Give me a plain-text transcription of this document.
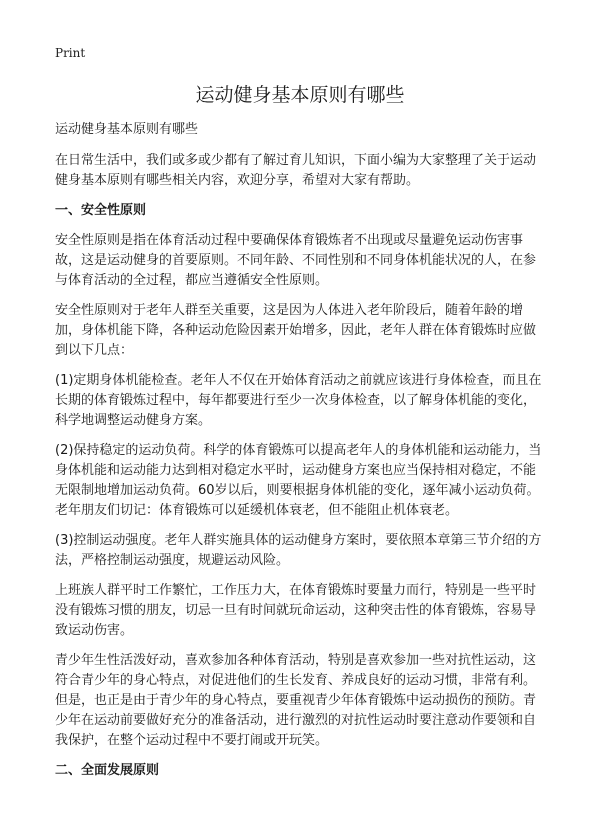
Print
运动健身基本原则有哪些

运动健身基本原则有哪些

在日常生活中，我们或多或少都有了解过育儿知识，下面小编为大家整理了关于运动健身基本原则有哪些相关内容，欢迎分享，希望对大家有帮助。

一、安全性原则

安全性原则是指在体育活动过程中要确保体育锻炼者不出现或尽量避免运动伤害事故，这是运动健身的首要原则。不同年龄、不同性别和不同身体机能状况的人，在参与体育活动的全过程，都应当遵循安全性原则。

安全性原则对于老年人群至关重要，这是因为人体进入老年阶段后，随着年龄的增加，身体机能下降，各种运动危险因素开始增多，因此，老年人群在体育锻炼时应做到以下几点：

(1)定期身体机能检查。老年人不仅在开始体育活动之前就应该进行身体检查，而且在长期的体育锻炼过程中，每年都要进行至少一次身体检查，以了解身体机能的变化，科学地调整运动健身方案。

(2)保持稳定的运动负荷。科学的体育锻炼可以提高老年人的身体机能和运动能力，当身体机能和运动能力达到相对稳定水平时，运动健身方案也应当保持相对稳定，不能无限制地增加运动负荷。60岁以后，则要根据身体机能的变化，逐年减小运动负荷。老年朋友们切记：体育锻炼可以延缓机体衰老，但不能阻止机体衰老。

(3)控制运动强度。老年人群实施具体的运动健身方案时，要依照本章第三节介绍的方法，严格控制运动强度，规避运动风险。

上班族人群平时工作繁忙，工作压力大，在体育锻炼时要量力而行，特别是一些平时没有锻炼习惯的朋友，切忌一旦有时间就玩命运动，这种突击性的体育锻炼，容易导致运动伤害。

青少年生性活泼好动，喜欢参加各种体育活动，特别是喜欢参加一些对抗性运动，这符合青少年的身心特点，对促进他们的生长发育、养成良好的运动习惯，非常有利。但是，也正是由于青少年的身心特点，要重视青少年体育锻炼中运动损伤的预防。青少年在运动前要做好充分的准备活动，进行激烈的对抗性运动时要注意动作要领和自我保护，在整个运动过程中不要打闹或开玩笑。

二、全面发展原则
